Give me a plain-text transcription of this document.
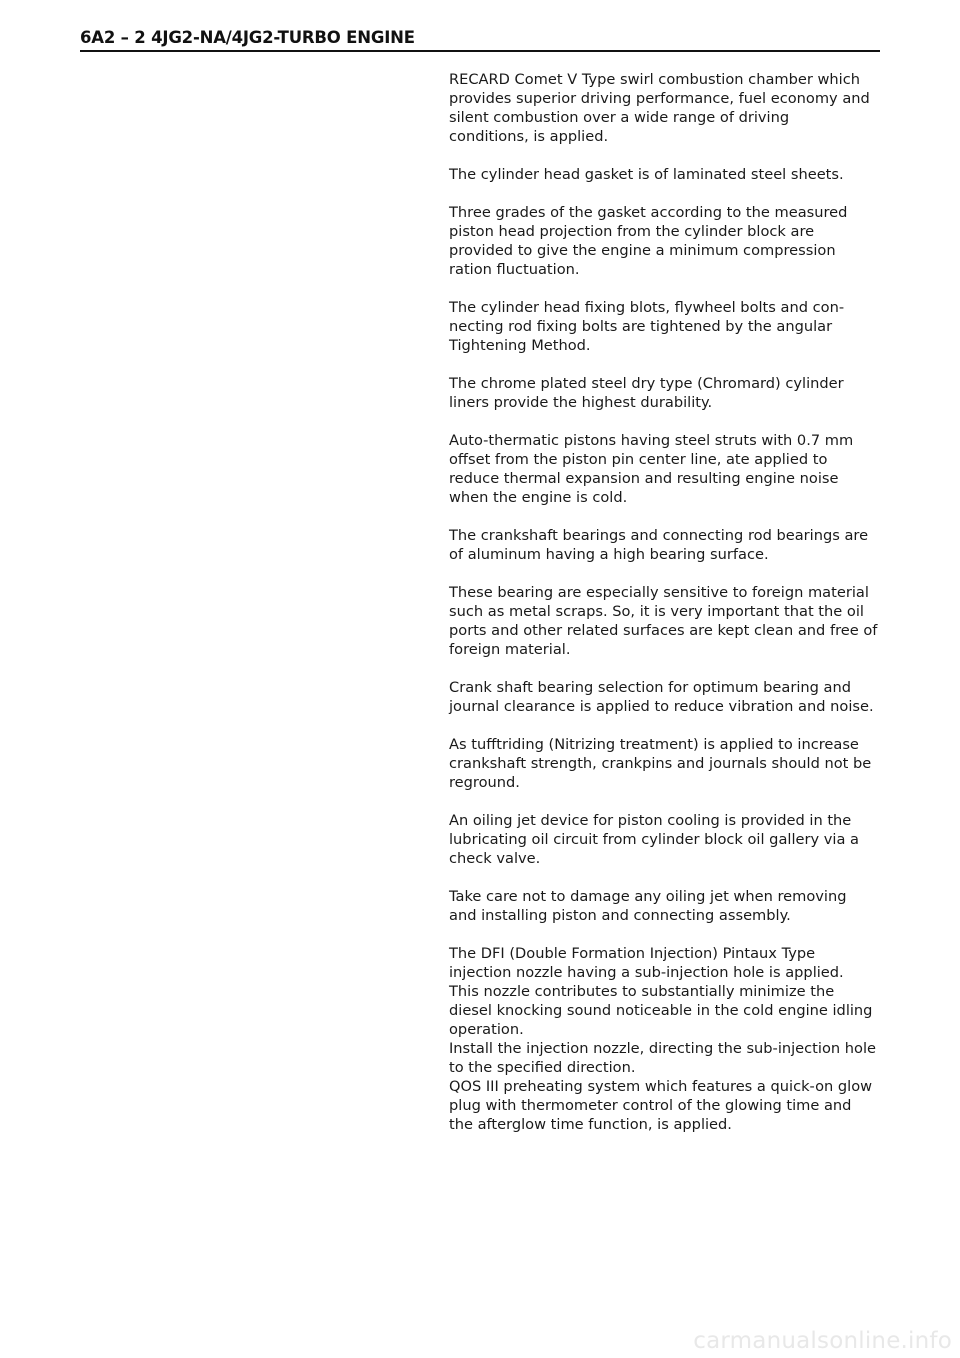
6A2 – 2 4JG2-NA/4JG2-TURBO ENGINE

RECARD Comet V Type swirl combustion chamber which
provides superior driving performance, fuel economy and
silent combustion over a wide range of driving
conditions, is applied.

The cylinder head gasket is of laminated steel sheets.

Three grades of the gasket according to the measured
piston head projection from the cylinder block are
provided to give the engine a minimum compression
ration fluctuation.

The cylinder head fixing blots, flywheel bolts and con-
necting rod fixing bolts are tightened by the angular
Tightening Method.

The chrome plated steel dry type (Chromard) cylinder
liners provide the highest durability.

Auto-thermatic pistons having steel struts with 0.7 mm
offset from the piston pin center line, ate applied to
reduce thermal expansion and resulting engine noise
when the engine is cold.

The crankshaft bearings and connecting rod bearings are
of aluminum having a high bearing surface.

These bearing are especially sensitive to foreign material
such as metal scraps. So, it is very important that the oil
ports and other related surfaces are kept clean and free of
foreign material.

Crank shaft bearing selection for optimum bearing and
journal clearance is applied to reduce vibration and noise.

As tufftriding (Nitrizing treatment) is applied to increase
crankshaft strength, crankpins and journals should not be
reground.

An oiling jet device for piston cooling is provided in the
lubricating oil circuit from cylinder block oil gallery via a
check valve.

Take care not to damage any oiling jet when removing
and installing piston and connecting assembly.

The DFI (Double Formation Injection) Pintaux Type
injection nozzle having a sub-injection hole is applied.
This nozzle contributes to substantially minimize the
diesel knocking sound noticeable in the cold engine idling
operation.
Install the injection nozzle, directing the sub-injection hole
to the specified direction.
QOS III preheating system which features a quick-on glow
plug with thermometer control of the glowing time and
the afterglow time function, is applied.

carmanualsonline.info
